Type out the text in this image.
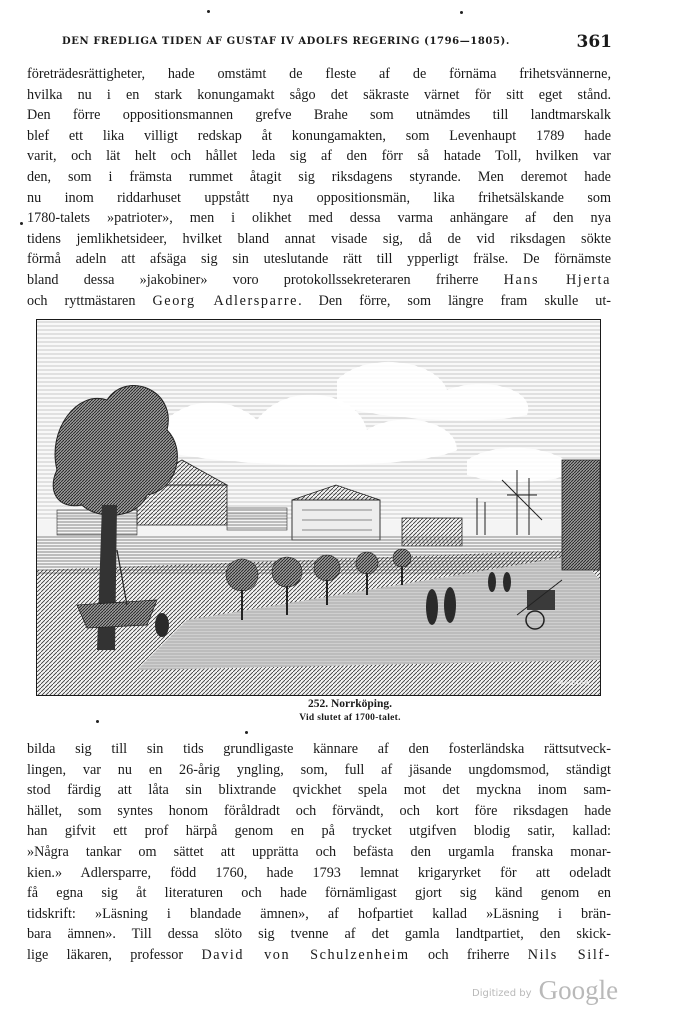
DEN FREDLIGA TIDEN AF GUSTAF IV ADOLFS REGERING (1796—1805).	361
företrädesrättigheter, hade omstämt de fleste af de förnäma frihetsvännerne,
hvilka nu i en stark konungamakt sågo det säkraste värnet för sitt eget stånd.
Den förre oppositionsmannen grefve Brahe som utnämdes till landtmarskalk
blef ett lika villigt redskap åt konungamakten, som Levenhaupt 1789 hade
varit, och lät helt och hållet leda sig af den förr så hatade Toll, hvilken var
den, som i främsta rummet åtagit sig riksdagens styrande. Men deremot hade
nu inom riddarhuset uppstått nya oppositionsmän, lika frihetsälskande som
1780-talets »patrioter», men i olikhet med dessa varma anhängare af den nya
tidens jemlikhetsideer, hvilket bland annat visade sig, då de vid riksdagen sökte
förmå adeln att afsäga sig sin uteslutande rätt till ypperligt frälse. De förnämste
bland dessa »jakobiner» voro protokollssekreteraren friherre Hans Hjerta
och ryttmästaren Georg Adlersparre. Den förre, som längre fram skulle ut-
W.MEYER
252. Norrköping.
Vid slutet af 1700-talet.
bilda sig till sin tids grundligaste kännare af den fosterländska rättsutveck-
lingen, var nu en 26-årig yngling, som, full af jäsande ungdomsmod, ständigt
stod färdig att låta sin blixtrande qvickhet spela mot det myckna inom sam-
hället, som syntes honom föråldradt och förvändt, och kort före riksdagen hade
han gifvit ett prof härpå genom en på trycket utgifven blodig satir, kallad:
»Några tankar om sättet att upprätta och befästa den urgamla franska monar-
kien.» Adlersparre, född 1760, hade 1793 lemnat krigaryrket för att odeladt
få egna sig åt literaturen och hade förnämligast gjort sig känd genom en
tidskrift: »Läsning i blandade ämnen», af hofpartiet kallad »Läsning i brän-
bara ämnen». Till dessa slöto sig tvenne af det gamla landtpartiet, den skick-
lige läkaren, professor David von Schulzenheim och friherre Nils Silf-
Digitized by Google
